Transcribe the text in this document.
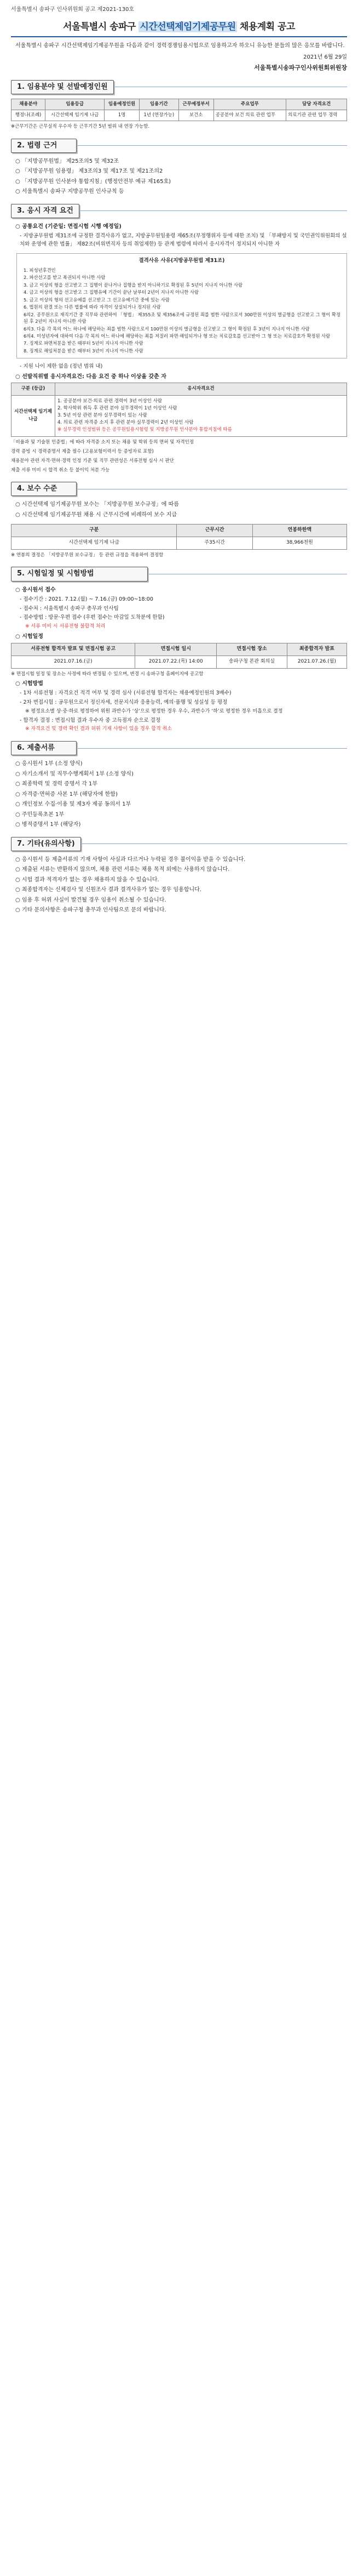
서울특별시 송파구 인사위원회 공고 제2021-130호
서울특별시 송파구 시간선택제임기제공무원 채용계획 공고
서울특별시 송파구 시간선택제임기제공무원을 다음과 같이 경력경쟁임용시험으로 임용하고자 하오니 유능한 분들의 많은 응모를 바랍니다.
2021년 6월 29일
서울특별시송파구인사위원회위원장
1. 임용분야 및 선발예정인원
채용분야	임용등급	임용예정인원	임용기간	근무예정부서	주요업무	담당 자격요건
행정나(조례)	시간선택제 임기제 나급	1명	1년 (연장가능)	보건소	공공분야 보건 의료 관련 업무	의료기관 관련 업무 경력
※근무기간은 근무실적 우수자 등 근무기간 5년 범위 내 연장 가능함.
2. 법령 근거
○ 「지방공무원법」 제25조의5 및 제32조
○ 「지방공무원 임용령」 제3조의3 및 제17조 및 제21조의2
○ 「지방공무원 인사분야 통합지침」(행정안전부 예규 제165호)
○ 서울특별시 송파구 지방공무원 인사규칙 등
3. 응시 자격 요건
○ 공통요건 (기준일: 면접시험 시행 예정일)
- 지방공무원법 제31조에 규정한 결격사유가 없고, 지방공무원임용령 제65조(부정행위자 등에 대한 조치) 및 「부패방지 및 국민권익위원회의 설치와 운영에 관한 법률」 제82조(비위면직자 등의 취업제한) 등 관계 법령에 따라서 응시자격이 정지되지 아니한 자
결격사유 사유(지방공무원법 제31조)
1. 피성년후견인
2. 파산선고를 받고 복권되지 아니한 사람
3. 금고 이상의 형을 선고받고 그 집행이 끝나거나 집행을 받지 아니하기로 확정된 후 5년이 지나지 아니한 사람
4. 금고 이상의 형을 선고받고 그 집행유예 기간이 끝난 날부터 2년이 지나지 아니한 사람
5. 금고 이상의 형의 선고유예를 선고받고 그 선고유예기간 중에 있는 사람
6. 법원의 판결 또는 다른 법률에 따라 자격이 상실되거나 정지된 사람
6의2. 공무원으로 재직기간 중 직무와 관련하여 「형법」 제355조 및 제356조에 규정된 죄를 범한 사람으로서 300만원 이상의 벌금형을 선고받고 그 형이 확정된 후 2년이 지나지 아니한 사람
6의3. 다음 각 목의 어느 하나에 해당하는 죄를 범한 사람으로서 100만원 이상의 벌금형을 선고받고 그 형이 확정된 후 3년이 지나지 아니한 사람
6의4. 미성년자에 대하여 다음 각 목의 어느 하나에 해당하는 죄를 저질러 파면·해임되거나 형 또는 치료감호를 선고받아 그 형 또는 치료감호가 확정된 사람
7. 징계로 파면처분을 받은 때부터 5년이 지나지 아니한 사람
8. 징계로 해임처분을 받은 때부터 3년이 지나지 아니한 사람
- 지원 나이 제한 없음 (정년 범위 내)
○ 선발직위별 응시자격요건: 다음 요건 중 하나 이상을 갖춘 자
구분 (등급)	응시자격요건
시간선택제 임기제 나급	1. 공공분야 보건·의료 관련 경력이 3년 이상인 사람
2. 학사학위 취득 후 관련 분야 실무경력이 1년 이상인 사람
3. 5년 이상 관련 분야 실무경력이 있는 사람
4. 의료 관련 자격증 소지 후 관련 분야 실무경력이 2년 이상인 사람
※ 실무경력 인정범위 등은 공무원임용시험령 및 지방공무원 인사분야 통합지침에 따름
「비율과 및 기술원 인증법」에 따라 자격증 소지 또는 채용 및 학위 등의 면허 및 자격인정
경력 증빙 시 경력증명서 제출 필수 (고용보험이력서 등 증빙자료 포함)
채용분야 관련 자격·면허·경력 인정 기준 및 직무 관련성은 서류전형 심사 시 판단
제출 서류 미비 시 합격 취소 등 불이익 처분 가능
4. 보수 수준
○ 시간선택제 임기제공무원 보수는 「지방공무원 보수규정」에 따름
○ 시간선택제 임기제공무원 채용 시 근무시간에 비례하여 보수 지급
구분	근무시간	연봉하한액
시간선택제 임기제 나급	주35시간	38,966천원
※ 연봉의 결정은 「지방공무원 보수규정」 등 관련 규정을 적용하여 결정함
5. 시험일정 및 시험방법
○ 응시원서 접수
- 접수기간 : 2021. 7.12.(월) ~ 7.16.(금) 09:00~18:00
- 접수처 : 서울특별시 송파구 총무과 인사팀
- 접수방법 : 방문·우편 접수 (우편 접수는 마감일 도착분에 한함)
※ 서류 미비 시 서류전형 불합격 처리
○ 시험일정
서류전형 합격자 발표 및 면접시험 공고	면접시험 일시	면접시험 장소	최종합격자 발표
2021.07.16.(금)	2021.07.22.(목) 14:00	송파구청 본관 회의실	2021.07.26.(월)
※ 면접시험 일정 및 장소는 사정에 따라 변경될 수 있으며, 변경 시 송파구청 홈페이지에 공고함
○ 시험방법
- 1차 서류전형 : 자격요건 적격 여부 및 경력 심사 (서류전형 합격자는 채용예정인원의 3배수)
- 2차 면접시험 : 공무원으로서 정신자세, 전문지식과 응용능력, 예의·품행 및 성실성 등 평정
※ 평정요소별 상·중·하로 평정하여 위원 과반수가 ‘상’으로 평정한 경우 우수, 과반수가 ‘하’로 평정한 경우 미흡으로 결정
- 합격자 결정 : 면접시험 결과 우수자 중 고득점자 순으로 결정
※ 자격요건 및 경력 확인 결과 허위 기재 사항이 있을 경우 합격 취소
6. 제출서류
○ 응시원서 1부 (소정 양식)
○ 자기소개서 및 직무수행계획서 1부 (소정 양식)
○ 최종학력 및 경력 증명서 각 1부
○ 자격증·면허증 사본 1부 (해당자에 한함)
○ 개인정보 수집·이용 및 제3자 제공 동의서 1부
○ 주민등록초본 1부
○ 병적증명서 1부 (해당자)
7. 기타(유의사항)
○ 응시원서 등 제출서류의 기재 사항이 사실과 다르거나 누락된 경우 불이익을 받을 수 있습니다.
○ 제출된 서류는 반환하지 않으며, 채용 관련 서류는 채용 목적 외에는 사용하지 않습니다.
○ 시험 결과 적격자가 없는 경우 채용하지 않을 수 있습니다.
○ 최종합격자는 신체검사 및 신원조사 결과 결격사유가 없는 경우 임용합니다.
○ 임용 후 허위 사실이 발견될 경우 임용이 취소될 수 있습니다.
○ 기타 문의사항은 송파구청 총무과 인사팀으로 문의 바랍니다.
